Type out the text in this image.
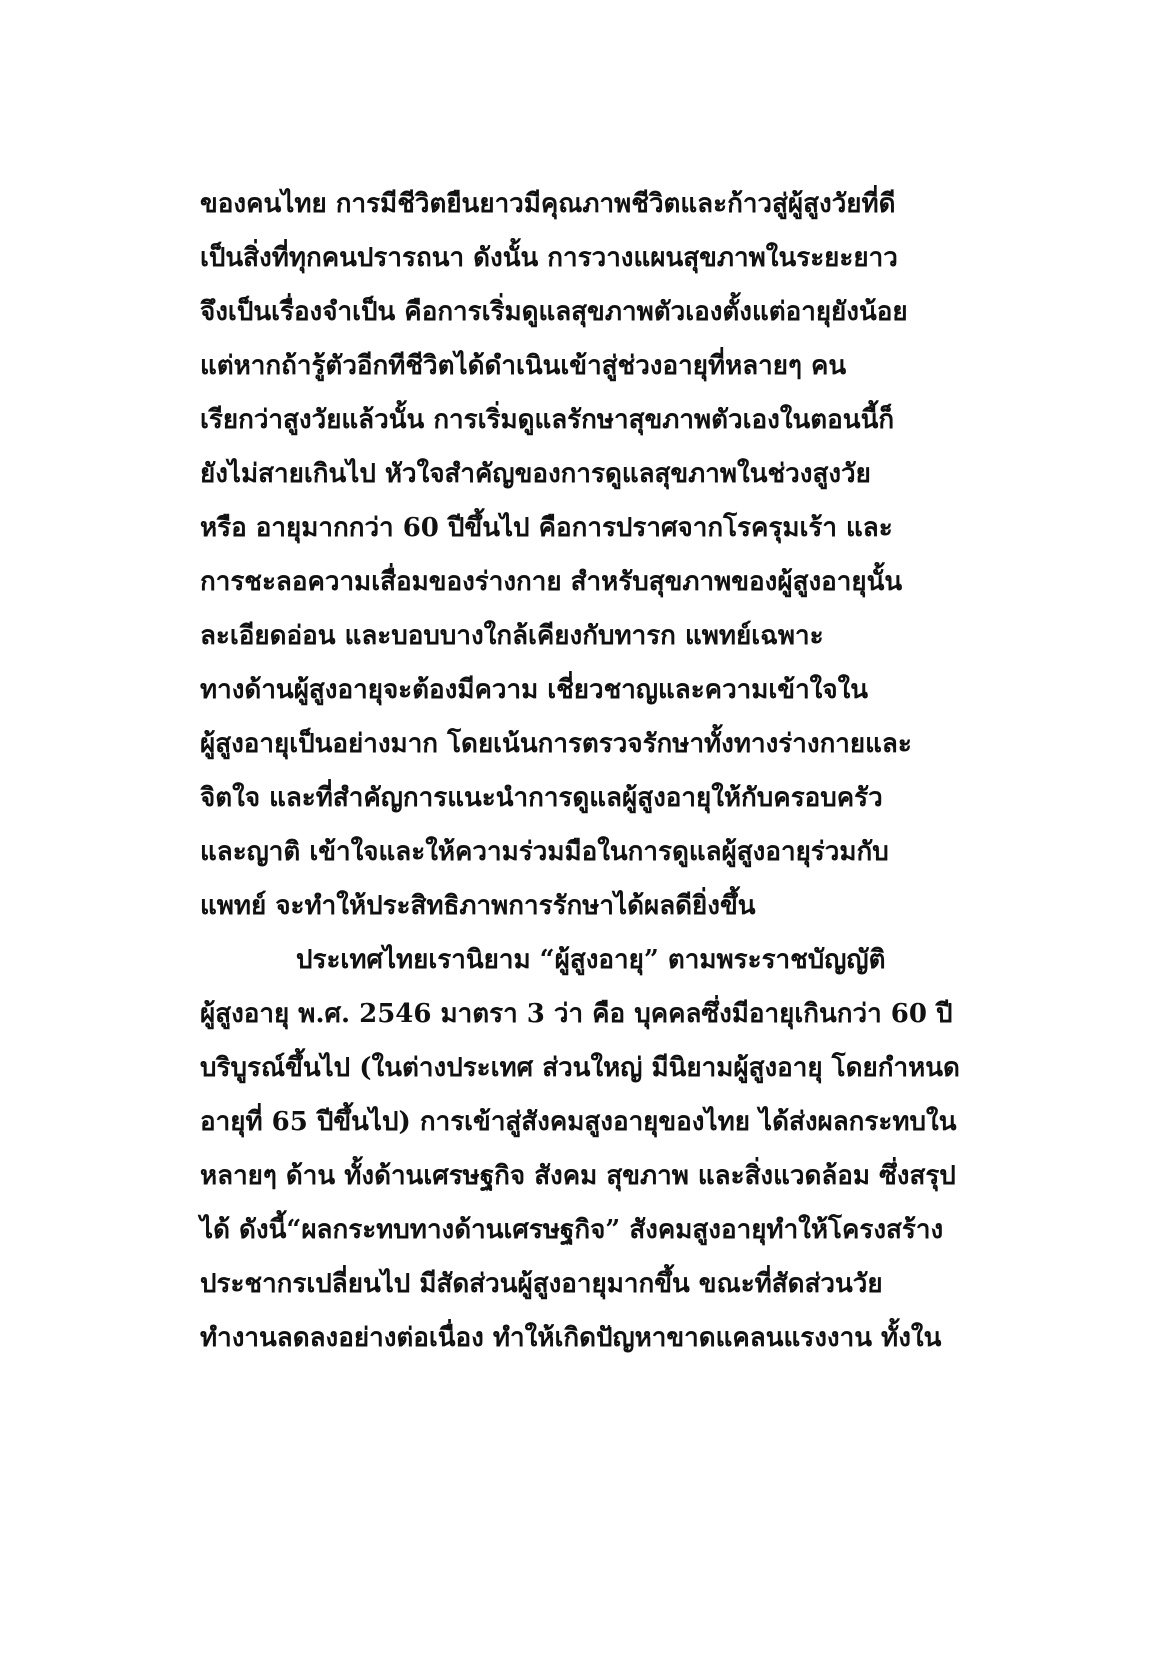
ของคนไทย การมีชีวิตยืนยาวมีคุณภาพชีวิตและก้าวสู่ผู้สูงวัยที่ดี
เป็นสิ่งที่ทุกคนปรารถนา ดังนั้น การวางแผนสุขภาพในระยะยาว
จึงเป็นเรื่องจำเป็น คือการเริ่มดูแลสุขภาพตัวเองตั้งแต่อายุยังน้อย
แต่หากถ้ารู้ตัวอีกทีชีวิตได้ดำเนินเข้าสู่ช่วงอายุที่หลายๆ คน
เรียกว่าสูงวัยแล้วนั้น การเริ่มดูแลรักษาสุขภาพตัวเองในตอนนี้ก็
ยังไม่สายเกินไป หัวใจสำคัญของการดูแลสุขภาพในช่วงสูงวัย
หรือ อายุมากกว่า 60 ปีขึ้นไป คือการปราศจากโรครุมเร้า และ
การชะลอความเสื่อมของร่างกาย สำหรับสุขภาพของผู้สูงอายุนั้น
ละเอียดอ่อน และบอบบางใกล้เคียงกับทารก แพทย์เฉพาะ
ทางด้านผู้สูงอายุจะต้องมีความ เชี่ยวชาญและความเข้าใจใน
ผู้สูงอายุเป็นอย่างมาก โดยเน้นการตรวจรักษาทั้งทางร่างกายและ
จิตใจ และที่สำคัญการแนะนำการดูแลผู้สูงอายุให้กับครอบครัว
และญาติ เข้าใจและให้ความร่วมมือในการดูแลผู้สูงอายุร่วมกับ
แพทย์ จะทำให้ประสิทธิภาพการรักษาได้ผลดียิ่งขึ้น
ประเทศไทยเรานิยาม “ผู้สูงอายุ” ตามพระราชบัญญัติ
ผู้สูงอายุ พ.ศ. 2546 มาตรา 3 ว่า คือ บุคคลซึ่งมีอายุเกินกว่า 60 ปี
บริบูรณ์ขึ้นไป (ในต่างประเทศ ส่วนใหญ่ มีนิยามผู้สูงอายุ โดยกำหนด
อายุที่ 65 ปีขึ้นไป) การเข้าสู่สังคมสูงอายุของไทย ได้ส่งผลกระทบใน
หลายๆ ด้าน ทั้งด้านเศรษฐกิจ สังคม สุขภาพ และสิ่งแวดล้อม ซึ่งสรุป
ได้ ดังนี้“ผลกระทบทางด้านเศรษฐกิจ” สังคมสูงอายุทำให้โครงสร้าง
ประชากรเปลี่ยนไป มีสัดส่วนผู้สูงอายุมากขึ้น ขณะที่สัดส่วนวัย
ทำงานลดลงอย่างต่อเนื่อง ทำให้เกิดปัญหาขาดแคลนแรงงาน ทั้งใน
